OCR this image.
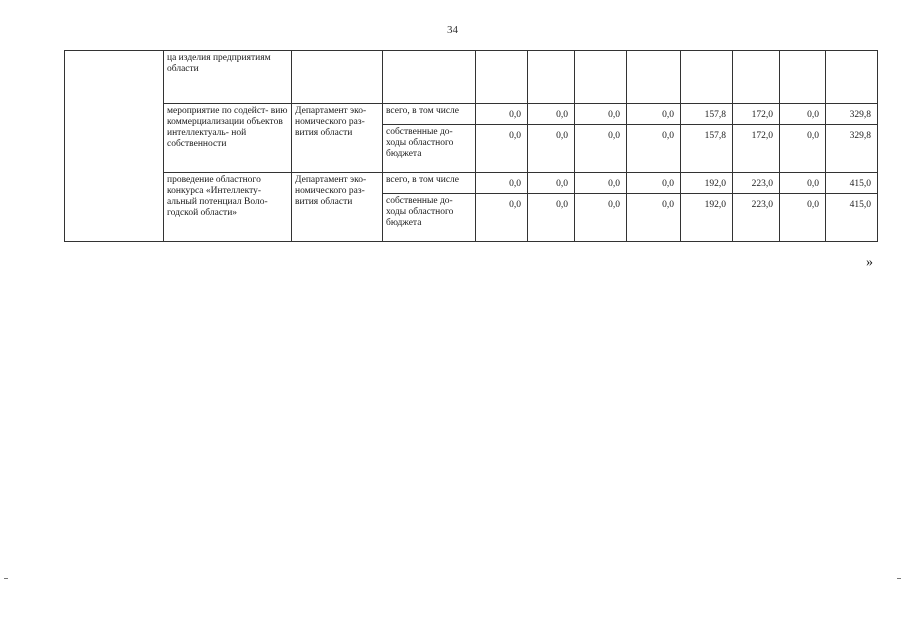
34
	ца изделия предприятиям области										
	мероприятие по содейст- вию коммерциализации объектов интеллектуаль- ной собственности	Департамент эко- номического раз- вития области	всего, в том числе	0,0	0,0	0,0	0,0	157,8	172,0	0,0	329,8
			собственные до- ходы областного бюджета	0,0	0,0	0,0	0,0	157,8	172,0	0,0	329,8
	проведение областного конкурса «Интеллекту- альный потенциал Воло- годской области»	Департамент эко- номического раз- вития области	всего, в том числе	0,0	0,0	0,0	0,0	192,0	223,0	0,0	415,0
			собственные до- ходы областного бюджета	0,0	0,0	0,0	0,0	192,0	223,0	0,0	415,0
»
